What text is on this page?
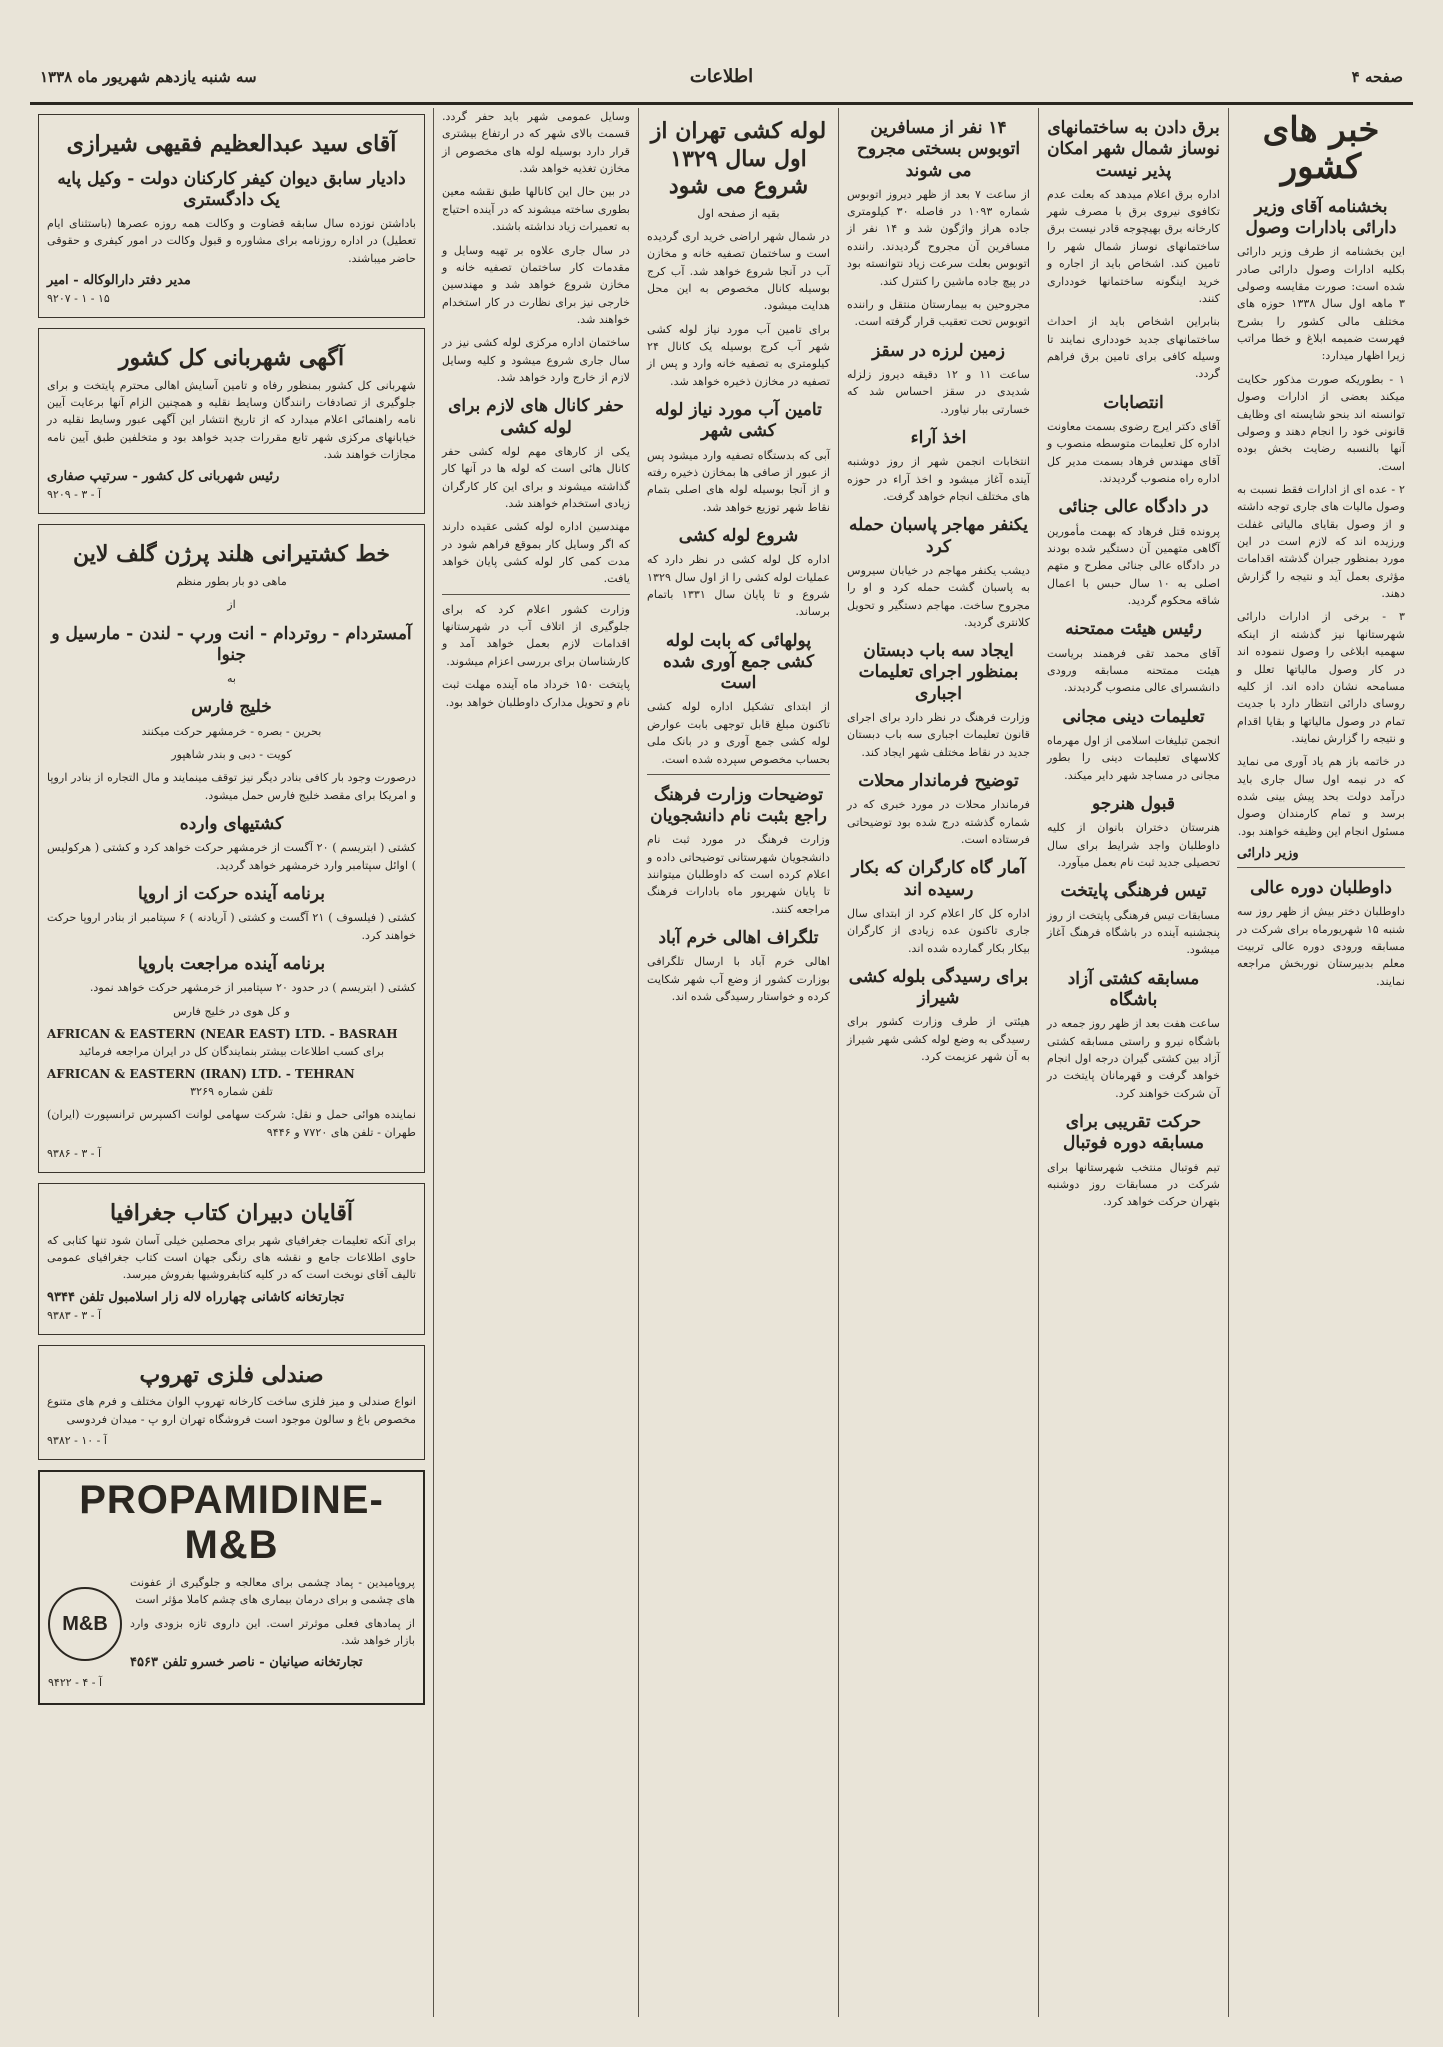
صفحه ۴
اطلاعات
سه شنبه یازدهم شهریور ماه ۱۳۳۸
خبر های کشور
بخشنامه آقای وزیر دارائی بادارات وصول

این بخشنامه از طرف وزیر دارائی بکلیه ادارات وصول دارائی صادر شده است: صورت مقایسه وصولی ۳ ماهه اول سال ۱۳۳۸ حوزه های مختلف مالی کشور را بشرح فهرست ضمیمه ابلاغ و خطا مراتب زیرا اظهار میدارد:

۱ - بطوریکه صورت مذکور حکایت میکند بعضی از ادارات وصول توانسته اند بنحو شایسته ای وظایف قانونی خود را انجام دهند و وصولی آنها بالنسبه رضایت بخش بوده است.

۲ - عده ای از ادارات فقط نسبت به وصول مالیات های جاری توجه داشته و از وصول بقایای مالیاتی غفلت ورزیده اند که لازم است در این مورد بمنظور جبران گذشته اقدامات مؤثری بعمل آید و نتیجه را گزارش دهند.

۳ - برخی از ادارات دارائی شهرستانها نیز گذشته از اینکه سهمیه ابلاغی را وصول ننموده اند در کار وصول مالیاتها تعلل و مسامحه نشان داده اند. از کلیه روسای دارائی انتظار دارد با جدیت تمام در وصول مالیاتها و بقایا اقدام و نتیجه را گزارش نمایند.

در خاتمه باز هم یاد آوری می نماید که در نیمه اول سال جاری باید درآمد دولت بحد پیش بینی شده برسد و تمام کارمندان وصول مسئول انجام این وظیفه خواهند بود.

وزیر دارائی
داوطلبان دوره عالی

داوطلبان دختر بیش از ظهر روز سه شنبه ۱۵ شهریورماه برای شرکت در مسابقه ورودی دوره عالی تربیت معلم بدبیرستان نوربخش مراجعه نمایند.

برق دادن به ساختمانهای نوساز شمال شهر امکان پذیر نیست

اداره برق اعلام میدهد که بعلت عدم تکافوی نیروی برق با مصرف شهر کارخانه برق بهیچوجه قادر نیست برق ساختمانهای نوساز شمال شهر را تامین کند. اشخاص باید از اجاره و خرید اینگونه ساختمانها خودداری کنند.

بنابراین اشخاص باید از احداث ساختمانهای جدید خودداری نمایند تا وسیله کافی برای تامین برق فراهم گردد.

انتصابات

آقای دکتر ایرج رضوی بسمت معاونت اداره کل تعلیمات متوسطه منصوب و آقای مهندس فرهاد بسمت مدیر کل اداره راه منصوب گردیدند.

در دادگاه عالی جنائی

پرونده قتل فرهاد که بهمت مأمورین آگاهی متهمین آن دستگیر شده بودند در دادگاه عالی جنائی مطرح و متهم اصلی به ۱۰ سال حبس با اعمال شاقه محکوم گردید.

رئیس هیئت ممتحنه

آقای محمد تقی فرهمند بریاست هیئت ممتحنه مسابقه ورودی دانشسرای عالی منصوب گردیدند.

تعلیمات دینی مجانی

انجمن تبلیغات اسلامی از اول مهرماه کلاسهای تعلیمات دینی را بطور مجانی در مساجد شهر دایر میکند.

قبول هنرجو

هنرستان دختران بانوان از کلیه داوطلبان واجد شرایط برای سال تحصیلی جدید ثبت نام بعمل میآورد.

تیس فرهنگی پایتخت

مسابقات تیس فرهنگی پایتخت از روز پنجشنبه آینده در باشگاه فرهنگ آغاز میشود.

مسابقه کشتی آزاد باشگاه

ساعت هفت بعد از ظهر روز جمعه در باشگاه نیرو و راستی مسابقه کشتی آزاد بین کشتی گیران درجه اول انجام خواهد گرفت و قهرمانان پایتخت در آن شرکت خواهند کرد.

حرکت تقریبی برای مسابقه دوره فوتبال

تیم فوتبال منتخب شهرستانها برای شرکت در مسابقات روز دوشنبه بتهران حرکت خواهد کرد.

۱۴ نفر از مسافرین اتوبوس بسختی مجروح می شوند

از ساعت ۷ بعد از ظهر دیروز اتوبوس شماره ۱۰۹۳ در فاصله ۳۰ کیلومتری جاده هراز واژگون شد و ۱۴ نفر از مسافرین آن مجروح گردیدند. راننده اتوبوس بعلت سرعت زیاد نتوانسته بود در پیچ جاده ماشین را کنترل کند.

مجروحین به بیمارستان منتقل و راننده اتوبوس تحت تعقیب قرار گرفته است.

زمین لرزه در سقز

ساعت ۱۱ و ۱۲ دقیقه دیروز زلزله شدیدی در سقز احساس شد که خسارتی ببار نیاورد.

اخذ آراء

انتخابات انجمن شهر از روز دوشنبه آینده آغاز میشود و اخذ آراء در حوزه های مختلف انجام خواهد گرفت.

یکنفر مهاجر پاسبان حمله کرد

دیشب یکنفر مهاجم در خیابان سیروس به پاسبان گشت حمله کرد و او را مجروح ساخت. مهاجم دستگیر و تحویل کلانتری گردید.

ایجاد سه باب دبستان بمنظور اجرای تعلیمات اجباری

وزارت فرهنگ در نظر دارد برای اجرای قانون تعلیمات اجباری سه باب دبستان جدید در نقاط مختلف شهر ایجاد کند.

توضیح فرماندار محلات

فرماندار محلات در مورد خبری که در شماره گذشته درج شده بود توضیحاتی فرستاده است.

آمار گاه کارگران که بکار رسیده اند

اداره کل کار اعلام کرد از ابتدای سال جاری تاکنون عده زیادی از کارگران بیکار بکار گمارده شده اند.

برای رسیدگی بلوله کشی شیراز

هیئتی از طرف وزارت کشور برای رسیدگی به وضع لوله کشی شهر شیراز به آن شهر عزیمت کرد.

لوله کشی تهران از اول سال ۱۳۲۹ شروع می شود
بقیه از صفحه اول

در شمال شهر اراضی خرید اری گردیده است و ساختمان تصفیه خانه و مخازن آب در آنجا شروع خواهد شد. آب کرج بوسیله کانال مخصوص به این محل هدایت میشود.

برای تامین آب مورد نیاز لوله کشی شهر آب کرج بوسیله یک کانال ۲۴ کیلومتری به تصفیه خانه وارد و پس از تصفیه در مخازن ذخیره خواهد شد.

تامین آب مورد نیاز لوله کشی شهر

آبی که بدستگاه تصفیه وارد میشود پس از عبور از صافی ها بمخازن ذخیره رفته و از آنجا بوسیله لوله های اصلی بتمام نقاط شهر توزیع خواهد شد.

شروع لوله کشی

اداره کل لوله کشی در نظر دارد که عملیات لوله کشی را از اول سال ۱۳۲۹ شروع و تا پایان سال ۱۳۳۱ باتمام برساند.

پولهائی که بابت لوله کشی جمع آوری شده است

از ابتدای تشکیل اداره لوله کشی تاکنون مبلغ قابل توجهی بابت عوارض لوله کشی جمع آوری و در بانک ملی بحساب مخصوص سپرده شده است.

توضیحات وزارت فرهنگ راجع بثبت نام دانشجویان

وزارت فرهنگ در مورد ثبت نام دانشجویان شهرستانی توضیحاتی داده و اعلام کرده است که داوطلبان میتوانند تا پایان شهریور ماه بادارات فرهنگ مراجعه کنند.

تلگراف اهالی خرم آباد

اهالی خرم آباد با ارسال تلگرافی بوزارت کشور از وضع آب شهر شکایت کرده و خواستار رسیدگی شده اند.

وسایل عمومی شهر باید حفر گردد. قسمت بالای شهر که در ارتفاع بیشتری قرار دارد بوسیله لوله های مخصوص از مخازن تغذیه خواهد شد.

در بین حال این کانالها طبق نقشه معین بطوری ساخته میشوند که در آینده احتیاج به تعمیرات زیاد نداشته باشند.

در سال جاری علاوه بر تهیه وسایل و مقدمات کار ساختمان تصفیه خانه و مخازن شروع خواهد شد و مهندسین خارجی نیز برای نظارت در کار استخدام خواهند شد.

ساختمان اداره مرکزی لوله کشی نیز در سال جاری شروع میشود و کلیه وسایل لازم از خارج وارد خواهد شد.

حفر کانال های لازم برای لوله کشی

یکی از کارهای مهم لوله کشی حفر کانال هائی است که لوله ها در آنها کار گذاشته میشوند و برای این کار کارگران زیادی استخدام خواهند شد.

مهندسین اداره لوله کشی عقیده دارند که اگر وسایل کار بموقع فراهم شود در مدت کمی کار لوله کشی پایان خواهد یافت.

وزارت کشور اعلام کرد که برای جلوگیری از اتلاف آب در شهرستانها اقدامات لازم بعمل خواهد آمد و کارشناسان برای بررسی اعزام میشوند.

پایتخت ۱۵۰ خرداد ماه آینده مهلت ثبت نام و تحویل مدارک داوطلبان خواهد بود.

آقای سید عبدالعظیم فقیهی شیرازی
دادیار سابق دیوان کیفر کارکنان دولت - وکیل پایه یک دادگستری

باداشتن نوزده سال سابقه قضاوت و وکالت همه روزه عصرها (باستثنای ایام تعطیل) در اداره روزنامه برای مشاوره و قبول وکالت در امور کیفری و حقوقی حاضر میباشند.

مدیر دفتر دارالوکاله - امیر
۹۲۰۷ - ۱ - ۱۵
آگهی شهربانی کل کشور

شهربانی کل کشور بمنظور رفاه و تامین آسایش اهالی محترم پایتخت و برای جلوگیری از تصادفات رانندگان وسایط نقلیه و همچنین الزام آنها برعایت آیین نامه راهنمائی اعلام میدارد که از تاریخ انتشار این آگهی عبور وسایط نقلیه در خیابانهای مرکزی شهر تابع مقررات جدید خواهد بود و متخلفین طبق آیین نامه مجازات خواهند شد.

رئیس شهربانی کل کشور - سرتیپ صفاری
۹۲۰۹ - آ - ۳
خط کشتیرانی هلند پرژن گلف لاین
ماهی دو بار بطور منظم
از
آمستردام - روتردام - انت ورپ - لندن - مارسیل و جنوا
به
خلیج فارس
بحرین - بصره - خرمشهر حرکت میکنند
کویت - دبی و بندر شاهپور

درصورت وجود بار کافی بنادر دیگر نیز توقف مینمایند و مال التجاره از بنادر اروپا و امریکا برای مقصد خلیج فارس حمل میشود.

کشتیهای وارده

کشتی ( ابتریسم ) ۲۰ آگست از خرمشهر حرکت خواهد کرد و کشتی ( هرکولیس ) اوائل سپتامبر وارد خرمشهر خواهد گردید.

برنامه آینده حرکت از اروپا

کشتی ( فیلسوف ) ۲۱ آگست و کشتی ( آریادنه ) ۶ سپتامبر از بنادر اروپا حرکت خواهند کرد.

برنامه آینده مراجعت باروپا

کشتی ( ابتریسم ) در حدود ۲۰ سپتامبر از خرمشهر حرکت خواهد نمود.

و کل هوی در خلیج فارس
AFRICAN & EASTERN (NEAR EAST) LTD. - BASRAH
برای کسب اطلاعات بیشتر بنمایندگان کل در ایران مراجعه فرمائید
AFRICAN & EASTERN (IRAN) LTD. - TEHRAN
تلفن شماره ۳۲۶۹

نماینده هوائی حمل و نقل: شرکت سهامی لوانت اکسپرس ترانسپورت (ایران) طهران - تلفن های ۷۷۲۰ و ۹۴۴۶

۹۳۸۶ - آ - ۳
آقایان دبیران کتاب جغرافیا

برای آنکه تعلیمات جغرافیای شهر برای محصلین خیلی آسان شود تنها کتابی که حاوی اطلاعات جامع و نقشه های رنگی جهان است کتاب جغرافیای عمومی تالیف آقای نوبخت است که در کلیه کتابفروشیها بفروش میرسد.

تجارتخانه کاشانی چهارراه لاله زار اسلامبول تلفن ۹۳۴۴
۹۳۸۳ - آ - ۳
صندلی فلزی تهروپ

انواع صندلی و میز فلزی ساخت کارخانه تهروپ الوان مختلف و فرم های متنوع مخصوص باغ و سالون موجود است فروشگاه تهران ارو پ - میدان فردوسی

۹۳۸۲ - آ - ۱۰
PROPAMIDINE-M&B

پروپامیدین - پماد چشمی برای معالجه و جلوگیری از عفونت های چشمی و برای درمان بیماری های چشم کاملا مؤثر است

از پمادهای فعلی موثرتر است. این داروی تازه بزودی وارد بازار خواهد شد.

تجارتخانه صیانیان - ناصر خسرو تلفن ۴۵۶۳
M&B
۹۴۲۲ - آ - ۴
